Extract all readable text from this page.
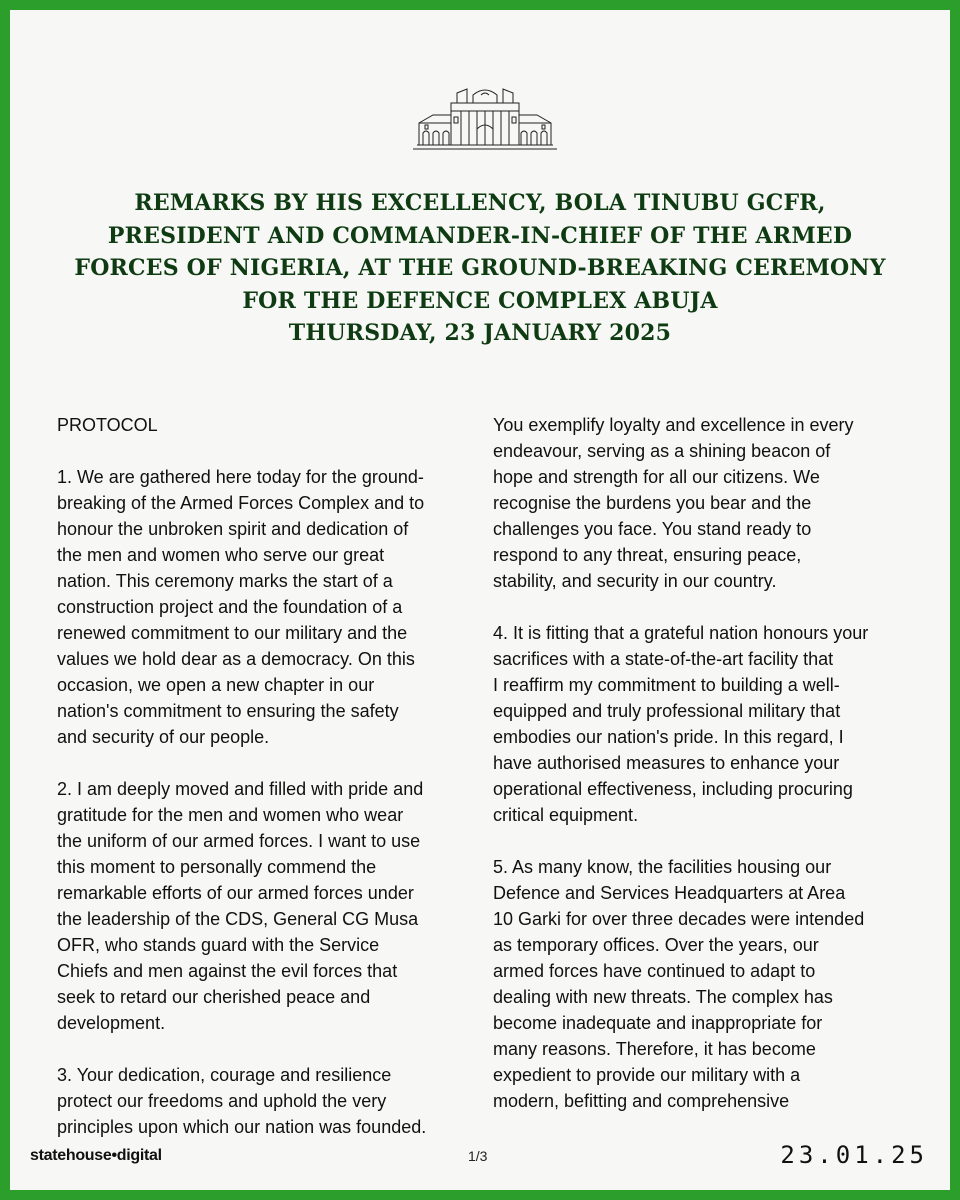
REMARKS BY HIS EXCELLENCY, BOLA TINUBU GCFR,
PRESIDENT AND COMMANDER-IN-CHIEF OF THE ARMED
FORCES OF NIGERIA, AT THE GROUND-BREAKING CEREMONY
FOR THE DEFENCE COMPLEX ABUJA
THURSDAY, 23 JANUARY 2025
PROTOCOL
1. We are gathered here today for the ground-
breaking of the Armed Forces Complex and to
honour the unbroken spirit and dedication of
the men and women who serve our great
nation. This ceremony marks the start of a
construction project and the foundation of a
renewed commitment to our military and the
values we hold dear as a democracy. On this
occasion, we open a new chapter in our
nation's commitment to ensuring the safety
and security of our people.
2. I am deeply moved and filled with pride and
gratitude for the men and women who wear
the uniform of our armed forces. I want to use
this moment to personally commend the
remarkable efforts of our armed forces under
the leadership of the CDS, General CG Musa
OFR, who stands guard with the Service
Chiefs and men against the evil forces that
seek to retard our cherished peace and
development.
3. Your dedication, courage and resilience
protect our freedoms and uphold the very
principles upon which our nation was founded.
You exemplify loyalty and excellence in every
endeavour, serving as a shining beacon of
hope and strength for all our citizens. We
recognise the burdens you bear and the
challenges you face. You stand ready to
respond to any threat, ensuring peace,
stability, and security in our country.
4. It is fitting that a grateful nation honours your
sacrifices with a state-of-the-art facility that
I reaffirm my commitment to building a well-
equipped and truly professional military that
embodies our nation's pride. In this regard, I
have authorised measures to enhance your
operational effectiveness, including procuring
critical equipment.
5. As many know, the facilities housing our
Defence and Services Headquarters at Area
10 Garki for over three decades were intended
as temporary offices. Over the years, our
armed forces have continued to adapt to
dealing with new threats. The complex has
become inadequate and inappropriate for
many reasons. Therefore, it has become
expedient to provide our military with a
modern, befitting and comprehensive
statehouse•digital	1/3	23.01.25
